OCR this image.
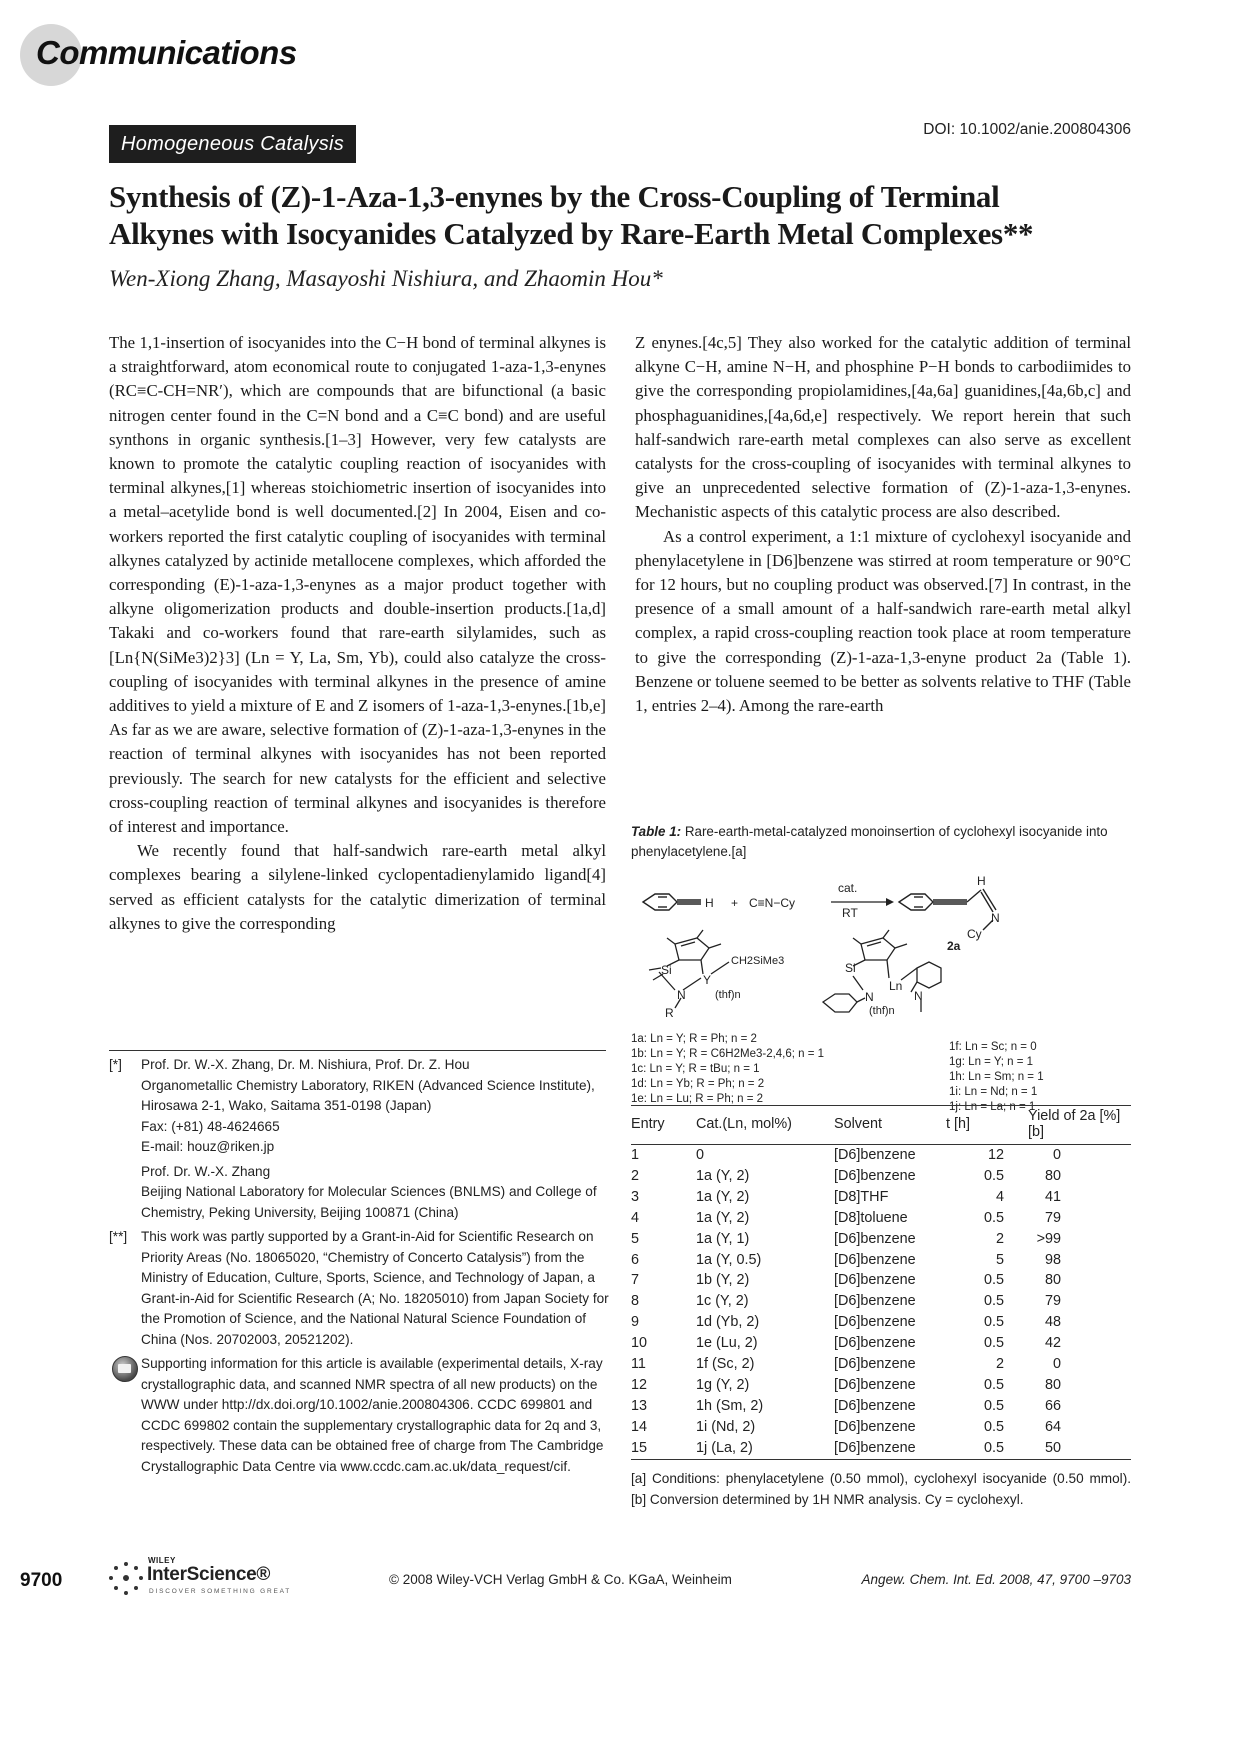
Communications
Homogeneous Catalysis
DOI: 10.1002/anie.200804306
Synthesis of (Z)-1-Aza-1,3-enynes by the Cross-Coupling of Terminal
Alkynes with Isocyanides Catalyzed by Rare-Earth Metal Complexes**
Wen-Xiong Zhang, Masayoshi Nishiura, and Zhaomin Hou*

The 1,1-insertion of isocyanides into the C−H bond of terminal alkynes is a straightforward, atom economical route to conjugated 1-aza-1,3-enynes (RC≡C-CH=NR′), which are compounds that are bifunctional (a basic nitrogen center found in the C=N bond and a C≡C bond) and are useful synthons in organic synthesis.[1–3] However, very few catalysts are known to promote the catalytic coupling reaction of isocyanides with terminal alkynes,[1] whereas stoichiometric insertion of isocyanides into a metal–acetylide bond is well documented.[2] In 2004, Eisen and co-workers reported the first catalytic coupling of isocyanides with terminal alkynes catalyzed by actinide metallocene complexes, which afforded the corresponding (E)-1-aza-1,3-enynes as a major product together with alkyne oligomerization products and double-insertion products.[1a,d] Takaki and co-workers found that rare-earth silylamides, such as [Ln{N(SiMe3)2}3] (Ln = Y, La, Sm, Yb), could also catalyze the cross-coupling of isocyanides with terminal alkynes in the presence of amine additives to yield a mixture of E and Z isomers of 1-aza-1,3-enynes.[1b,e] As far as we are aware, selective formation of (Z)-1-aza-1,3-enynes in the reaction of terminal alkynes with isocyanides has not been reported previously. The search for new catalysts for the efficient and selective cross-coupling reaction of terminal alkynes and isocyanides is therefore of interest and importance.

We recently found that half-sandwich rare-earth metal alkyl complexes bearing a silylene-linked cyclopentadienylamido ligand[4] served as efficient catalysts for the catalytic dimerization of terminal alkynes to give the corresponding

Z enynes.[4c,5] They also worked for the catalytic addition of terminal alkyne C−H, amine N−H, and phosphine P−H bonds to carbodiimides to give the corresponding propiolamidines,[4a,6a] guanidines,[4a,6b,c] and phosphaguanidines,[4a,6d,e] respectively. We report herein that such half-sandwich rare-earth metal complexes can also serve as excellent catalysts for the cross-coupling of isocyanides with terminal alkynes to give an unprecedented selective formation of (Z)-1-aza-1,3-enynes. Mechanistic aspects of this catalytic process are also described.

As a control experiment, a 1:1 mixture of cyclohexyl isocyanide and phenylacetylene in [D6]benzene was stirred at room temperature or 90°C for 12 hours, but no coupling product was observed.[7] In contrast, in the presence of a small amount of a half-sandwich rare-earth metal alkyl complex, a rapid cross-coupling reaction took place at room temperature to give the corresponding (Z)-1-aza-1,3-enyne product 2a (Table 1). Benzene or toluene seemed to be better as solvents relative to THF (Table 1, entries 2–4). Among the rare-earth

[*] Prof. Dr. W.-X. Zhang, Dr. M. Nishiura, Prof. Dr. Z. Hou
Organometallic Chemistry Laboratory, RIKEN (Advanced Science Institute), Hirosawa 2-1, Wako, Saitama 351-0198 (Japan)
Fax: (+81) 48-4624665
E-mail: houz@riken.jp
Prof. Dr. W.-X. Zhang
Beijing National Laboratory for Molecular Sciences (BNLMS) and College of Chemistry, Peking University, Beijing 100871 (China)
[**] This work was partly supported by a Grant-in-Aid for Scientific Research on Priority Areas (No. 18065020, “Chemistry of Concerto Catalysis”) from the Ministry of Education, Culture, Sports, Science, and Technology of Japan, a Grant-in-Aid for Scientific Research (A; No. 18205010) from Japan Society for the Promotion of Science, and the National Natural Science Foundation of China (Nos. 20702003, 20521202).
Supporting information for this article is available (experimental details, X-ray crystallographic data, and scanned NMR spectra of all new products) on the WWW under http://dx.doi.org/10.1002/anie.200804306. CCDC 699801 and CCDC 699802 contain the supplementary crystallographic data for 2q and 3, respectively. These data can be obtained free of charge from The Cambridge Crystallographic Data Centre via www.ccdc.cam.ac.uk/data_request/cif.
Table 1: Rare-earth-metal-catalyzed monoinsertion of cyclohexyl isocyanide into phenylacetylene.[a]
H + C≡N−Cy
cat.
RT
H
N
Cy
2a
Si
N
Y
CH2SiMe3
(thf)n
R
Si
N
Ln
N
(thf)n
1a: Ln = Y; R = Ph; n = 2
1b: Ln = Y; R = C6H2Me3-2,4,6; n = 1
1c: Ln = Y; R = tBu; n = 1
1d: Ln = Yb; R = Ph; n = 2
1e: Ln = Lu; R = Ph; n = 2
1f: Ln = Sc; n = 0
1g: Ln = Y; n = 1
1h: Ln = Sm; n = 1
1i: Ln = Nd; n = 1
1j: Ln = La; n = 1
Entry	Cat.(Ln, mol%)	Solvent	t [h]	Yield of 2a [%][b]
1	0	[D6]benzene	12	0
2	1a (Y, 2)	[D6]benzene	0.5	80
3	1a (Y, 2)	[D8]THF	4	41
4	1a (Y, 2)	[D8]toluene	0.5	79
5	1a (Y, 1)	[D6]benzene	2	>99
6	1a (Y, 0.5)	[D6]benzene	5	98
7	1b (Y, 2)	[D6]benzene	0.5	80
8	1c (Y, 2)	[D6]benzene	0.5	79
9	1d (Yb, 2)	[D6]benzene	0.5	48
10	1e (Lu, 2)	[D6]benzene	0.5	42
11	1f (Sc, 2)	[D6]benzene	2	0
12	1g (Y, 2)	[D6]benzene	0.5	80
13	1h (Sm, 2)	[D6]benzene	0.5	66
14	1i (Nd, 2)	[D6]benzene	0.5	64
15	1j (La, 2)	[D6]benzene	0.5	50
[a] Conditions: phenylacetylene (0.50 mmol), cyclohexyl isocyanide (0.50 mmol). [b] Conversion determined by 1H NMR analysis. Cy = cyclohexyl.
9700
WILEY
InterScience®
DISCOVER SOMETHING GREAT
© 2008 Wiley-VCH Verlag GmbH & Co. KGaA, Weinheim	Angew. Chem. Int. Ed. 2008, 47, 9700 –9703
